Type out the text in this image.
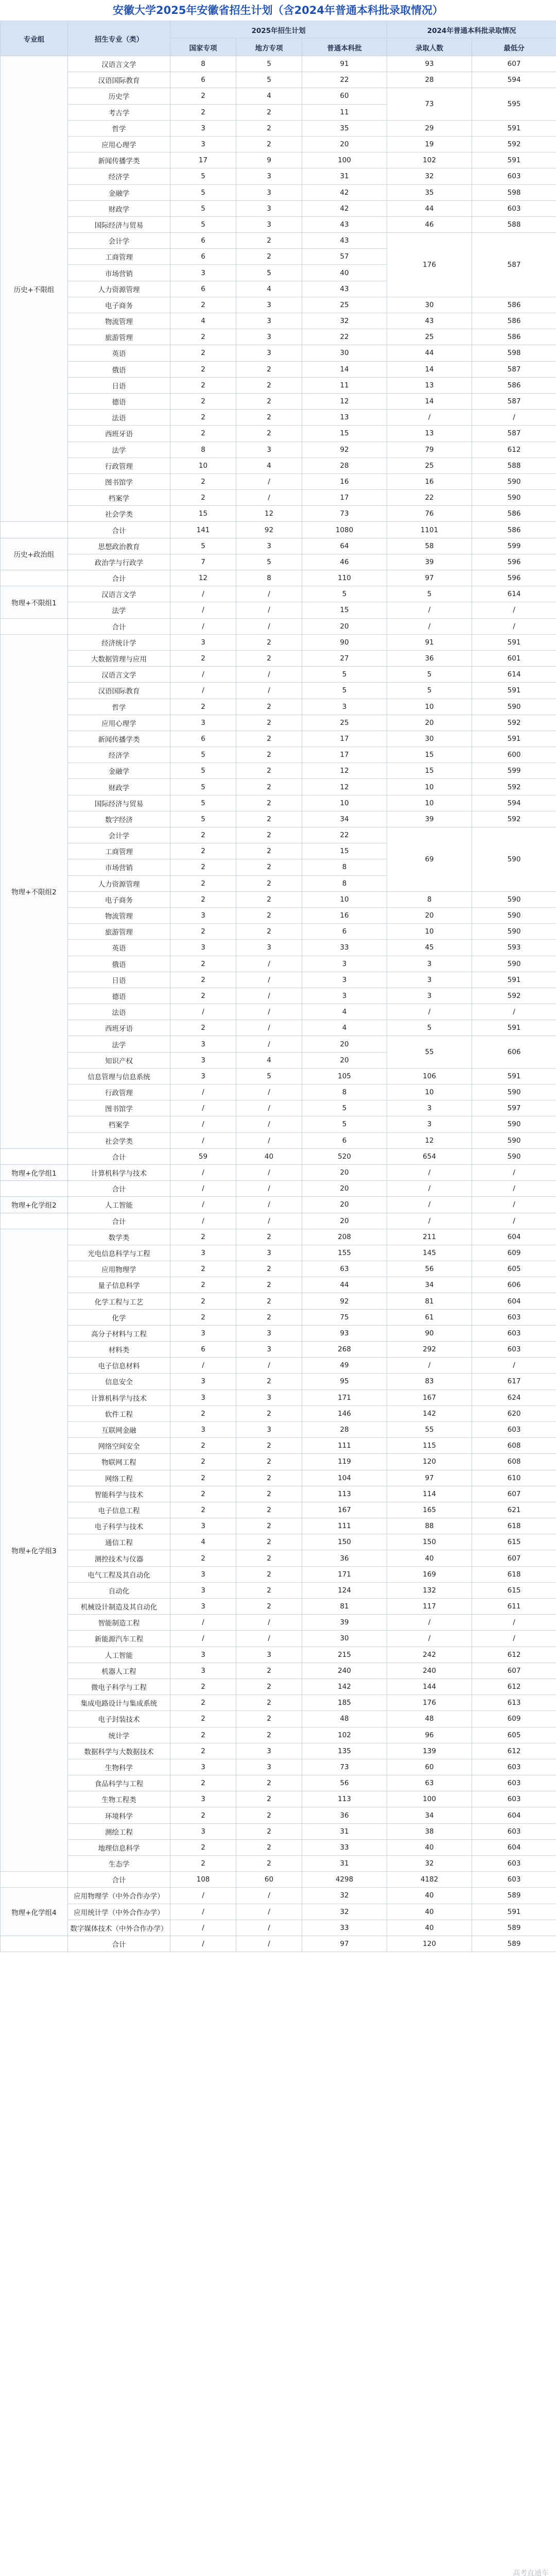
安徽大学2025年安徽省招生计划（含2024年普通本科批录取情况）
专业组	招生专业（类）	2025年招生计划			2024年普通本科批录取情况	
		国家专项	地方专项	普通本科批	录取人数	最低分
历史+不限组	汉语言文学	8	5	91	93	607
	汉语国际教育	6	5	22	28	594
	历史学	2	4	60	73	595
	考古学	2	2	11		
	哲学	3	2	35	29	591
	应用心理学	3	2	20	19	592
	新闻传播学类	17	9	100	102	591
	经济学	5	3	31	32	603
	金融学	5	3	42	35	598
	财政学	5	3	42	44	603
	国际经济与贸易	5	3	43	46	588
	会计学	6	2	43	176	587
	工商管理	6	2	57		
	市场营销	3	5	40		
	人力资源管理	6	4	43		
	电子商务	2	3	25	30	586
	物流管理	4	3	32	43	586
	旅游管理	2	3	22	25	586
	英语	2	3	30	44	598
	俄语	2	2	14	14	587
	日语	2	2	11	13	586
	德语	2	2	12	14	587
	法语	2	2	13	/	/
	西班牙语	2	2	15	13	587
	法学	8	3	92	79	612
	行政管理	10	4	28	25	588
	图书馆学	2	/	16	16	590
	档案学	2	/	17	22	590
	社会学类	15	12	73	76	586
	合计	141	92	1080	1101	586
历史+政治组	思想政治教育	5	3	64	58	599
	政治学与行政学	7	5	46	39	596
	合计	12	8	110	97	596
物理+不限组1	汉语言文学	/	/	5	5	614
	法学	/	/	15	/	/
	合计	/	/	20	/	/
物理+不限组2	经济统计学	3	2	90	91	591
	大数据管理与应用	2	2	27	36	601
	汉语言文学	/	/	5	5	614
	汉语国际教育	/	/	5	5	591
	哲学	2	2	3	10	590
	应用心理学	3	2	25	20	592
	新闻传播学类	6	2	17	30	591
	经济学	5	2	17	15	600
	金融学	5	2	12	15	599
	财政学	5	2	12	10	592
	国际经济与贸易	5	2	10	10	594
	数字经济	5	2	34	39	592
	会计学	2	2	22	69	590
	工商管理	2	2	15		
	市场营销	2	2	8		
	人力资源管理	2	2	8		
	电子商务	2	2	10	8	590
	物流管理	3	2	16	20	590
	旅游管理	2	2	6	10	590
	英语	3	3	33	45	593
	俄语	2	/	3	3	590
	日语	2	/	3	3	591
	德语	2	/	3	3	592
	法语	/	/	4	/	/
	西班牙语	2	/	4	5	591
	法学	3	/	20	55	606
	知识产权	3	4	20		
	信息管理与信息系统	3	5	105	106	591
	行政管理	/	/	8	10	590
	图书馆学	/	/	5	3	597
	档案学	/	/	5	3	590
	社会学类	/	/	6	12	590
	合计	59	40	520	654	590
物理+化学组1	计算机科学与技术	/	/	20	/	/
	合计	/	/	20	/	/
物理+化学组2	人工智能	/	/	20	/	/
	合计	/	/	20	/	/
物理+化学组3	数学类	2	2	208	211	604
	光电信息科学与工程	3	3	155	145	609
	应用物理学	2	2	63	56	605
	量子信息科学	2	2	44	34	606
	化学工程与工艺	2	2	92	81	604
	化学	2	2	75	61	603
	高分子材料与工程	3	3	93	90	603
	材料类	6	3	268	292	603
	电子信息材料	/	/	49	/	/
	信息安全	3	2	95	83	617
	计算机科学与技术	3	3	171	167	624
	软件工程	2	2	146	142	620
	互联网金融	3	3	28	55	603
	网络空间安全	2	2	111	115	608
	物联网工程	2	2	119	120	608
	网络工程	2	2	104	97	610
	智能科学与技术	2	2	113	114	607
	电子信息工程	2	2	167	165	621
	电子科学与技术	3	2	111	88	618
	通信工程	4	2	150	150	615
	测控技术与仪器	2	2	36	40	607
	电气工程及其自动化	3	2	171	169	618
	自动化	3	2	124	132	615
	机械设计制造及其自动化	3	2	81	117	611
	智能制造工程	/	/	39	/	/
	新能源汽车工程	/	/	30	/	/
	人工智能	3	3	215	242	612
	机器人工程	3	2	240	240	607
	微电子科学与工程	2	2	142	144	612
	集成电路设计与集成系统	2	2	185	176	613
	电子封装技术	2	2	48	48	609
	统计学	2	2	102	96	605
	数据科学与大数据技术	2	3	135	139	612
	生物科学	3	3	73	60	603
	食品科学与工程	2	2	56	63	603
	生物工程类	3	2	113	100	603
	环境科学	2	2	36	34	604
	测绘工程	3	2	31	38	603
	地理信息科学	2	2	33	40	604
	生态学	2	2	31	32	603
	合计	108	60	4298	4182	603
物理+化学组4	应用物理学（中外合作办学）	/	/	32	40	589
	应用统计学（中外合作办学）	/	/	32	40	591
	数字媒体技术（中外合作办学）	/	/	33	40	589
	合计	/	/	97	120	589
高考直通车
